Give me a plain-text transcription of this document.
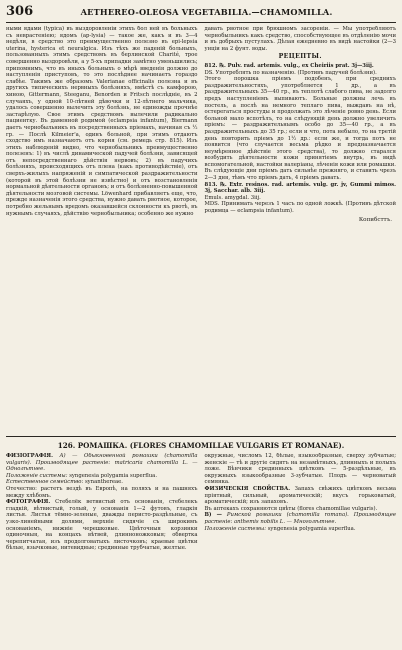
306	AETHEREO-OLEOSA VEGETABILIA.—CHAMOMILLA.

ными ядами (typica) въ выздоровленіи этихъ бол ней въ больныхъ съ неврастеніею; ядомъ (ap-lysia) — такое же, какъ и въ 3—4 недѣли, в средство это преимущественно полезно въ epi-lepsia uterina, hysterica et neuralgica. Изъ тѣхъ же паденій больныхъ, пользованныхъ этимъ средствомъ въ берлинской Charité, трое совершенно выздоровѣли, а у 5-хъ припадки замѣтно уменьшились; припомнимъ, что въ иныхъ больныхъ о мѣрѣ введенія должно до наступленія приступовъ, то это послѣднее начинаетъ гораздо слабѣе. Такимъ же образомъ Valerianae officinalis полезна и въ другихъ типическихъ нервныхъ болѣзняхъ, вмѣстѣ съ камфорою, хиною, Gittermann, Steeganu, Benorden и Fritsch послѣдніе, въ 2 случаяхъ, у одной 10-лѣтней дѣвочки и 12-лѣтнего мальчика, удалось совершенно вылечить эту болѣзнь, не единожды прочнѣе застарѣлую. Свое этимъ средствомъ вылечили радикально пациентку. Въ даменной родимой (eclampsia infantum), Biermann даетъ чернобыльникъ въ посредственныхъ пріемахъ, начиная съ ½ гр. — Послѣ Kilmeier'а, одинъ больной, при этимъ отдаютъ сходство имъ назначаютъ отъ корня (см. ремедь стр. 815). Изъ этихъ наблюденій видно, что чернобыльникъ преимущественно полезенъ: 1) въ числѣ динамической падучей болѣзни, зависящей отъ непосредственнаго дѣйствія нервовъ; 2) въ падучихъ болѣзняхъ, происходящихъ отъ плена (какъ противодѣйствіе), отъ сверхъ-жилыхъ напряженій и симпатической раздражительности (которой въ этой болѣзни не извѣстно) и отъ возстановленія нормальной дѣятельности органовъ; и отъ болѣзненно-повышенной дѣятельности мозговой системы. Löwenhard прибавляетъ еще, что, прежде назначенія этого средства, нужно давать рвотное, которое, потребно жельнымъ вредомъ оказавшейся склонности къ рвотѣ, въ нужнымъ случаяхъ, дѣйствію чернобыльника; особенно же нужно

давать рвотное при брюшномъ засореніи. — Мы употребляютъ чернобыльникъ какъ средство, способствующее въ отдѣленію мочи и въ добрыхъ пустулахъ. Дѣлая ежедневно въ видѣ настойки (2—3 унціи на 2 фунт. воды.

РЕЦЕПТЫ.

812. ℞. Pulv. rad. artemis. vulg., ex Cheiriis prat. 3j—3iij.

DS. Употреблять по назначенію. (Противъ падучей болѣзни).

Этого порошка пріемъ подобенъ, при среднихъ раздражительностяхъ, употребляется 1 др., а въ раздражительныхъ 35—40 гр., въ теплотѣ слабого пива, не задолго предъ наступленіемъ выпиваютъ. Больные должны лечь въ постель, а послѣ на немного теплаго пива, выждавъ на нѣ, остерегаться простуды и продолжать это лѣченіе ровно день. Если больной мало вспотѣлъ, то на слѣдующій день должно увеличить пріемъ: — раздражительнымъ особо до 35—40 гр., а въ раздражительныхъ до 35 гр.; если и что, пота небыло, то на третій день повторить пріемъ до 1½ др.: если же, и тогда потъ не появится (что случается весьма рѣдко и предназначается неумѣренное дѣйствіе этого средства), то должно старался возбудить дѣятельности кожи принятіемъ внутрь, въ видѣ вспомогательной, настойки валеріаны, лѣченія кожи или ромашки. Въ слѣдующіе дни пріемъ дать сильнѣе прежняго, и ставить чрезъ 2—3 дня, тѣмъ что пріемъ дать, 4 пріемъ давать.

813. ℞. Extr. resinos. rad. artemis. vulg. gr. jv, Gummi mimos. 3j, Sacchar. alb. 3iij.

Emuls. amygdal. 3iij.

MDS. Принимать черезъ 1 часъ по одной ложкѣ. (Противъ дѣтской родимца — eclampsia infantum).

Копибсттъ.

126. РОМАШКА. (FLORES CHAMOMILLAE VULGARIS ET ROMANAE).

ФИЗІОГРАФІЯ. А) — Обыкновенной ромашки (chamomilla vulgaris). Производящее растеніе: matricaria chamomilla L. — Однолѣтнее.

Положеніе системы: syngenesia polygamia superflua.

Естественное семейство: synanthereae.

Отечество: растетъ вездѣ въ Европѣ, на поляхъ и на пашняхъ между хлѣбомъ.

ФОТОГРАФІЯ. Стебелёк ветвистый отъ основанія, стебелекъ гладкій, вѣтвистый, голый, у основанія 1—2 футовъ, гладкія листья. Листья тёмно-зеленые, дважды перисто-раздѣльные, съ узко-линейными долями, верхніе сидячіе съ широкимъ основаніемъ, нижніе черешковые. Цвѣточныя корзинки одиночныя, на концахъ вѣтвей, длинноножковыя; обвертка черепитчатая, изъ продолговатыхъ листочковъ; краевые цвѣтки бѣлые, язычковые, нитевидные; срединные трубчатые, желтые.

окружные, числомъ 12, бѣлые, языкообразные, сверху зубчатые; женскіе — тѣ и другіе сидятъ на незамѣтныхъ, длинныхъ и полыхъ ложе. Вѣнчики срединныхъ цвѣтковъ — 5-раздѣльные, въ окружныхъ языкообразные 3-зубчатые. Плодъ — черноватый семянка.

ФИЗИЧЕСКІЯ СВОЙСТВА. Запахъ свѣжихъ цвѣтковъ весьма пріятный, сильный, ароматическій; вкусъ горьковатый, ароматическій; изъ запаховъ.

Въ аптекахъ сохраняются цвѣты (flores chamomillae vulgaris).

В) — Римской ромашки (chamomilla romana). Производящее растеніе: anthemis nobilis L. — Многолѣтнее.

Положеніе системы: syngenesia polygamia superflua.
